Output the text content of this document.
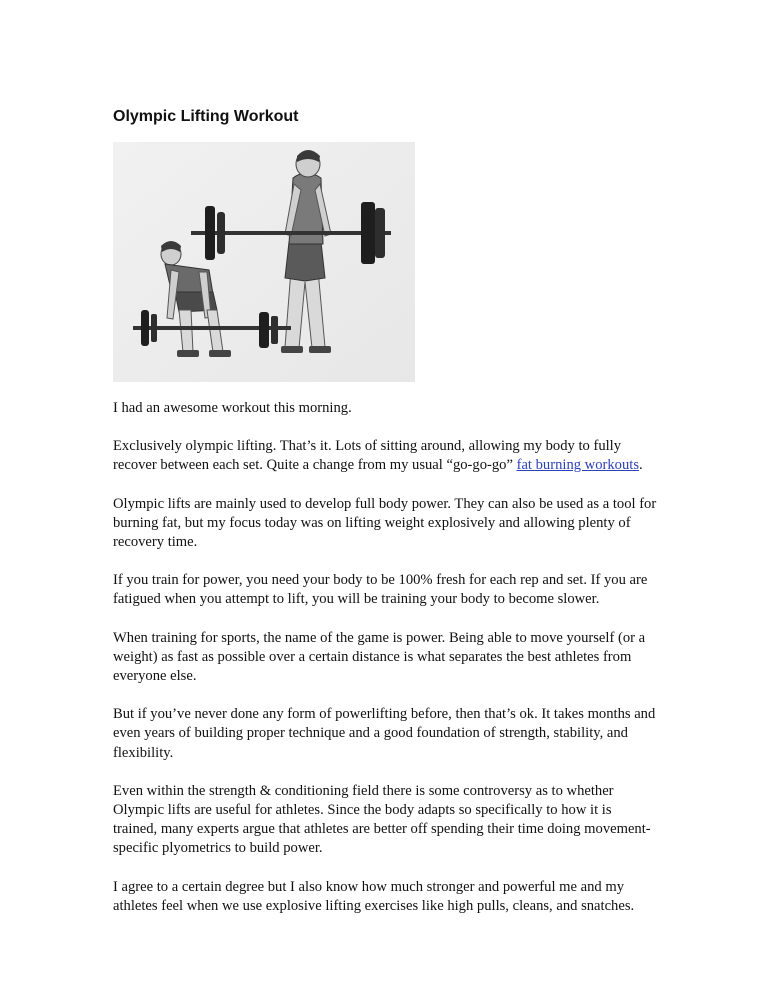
Olympic Lifting Workout

I had an awesome workout this morning.

Exclusively olympic lifting. That’s it. Lots of sitting around, allowing my body to fully recover between each set. Quite a change from my usual “go-go-go” fat burning workouts.

Olympic lifts are mainly used to develop full body power. They can also be used as a tool for burning fat, but my focus today was on lifting weight explosively and allowing plenty of recovery time.

If you train for power, you need your body to be 100% fresh for each rep and set. If you are fatigued when you attempt to lift, you will be training your body to become slower.

When training for sports, the name of the game is power. Being able to move yourself (or a weight) as fast as possible over a certain distance is what separates the best athletes from everyone else.

But if you’ve never done any form of powerlifting before, then that’s ok. It takes months and even years of building proper technique and a good foundation of strength, stability, and flexibility.

Even within the strength & conditioning field there is some controversy as to whether Olympic lifts are useful for athletes. Since the body adapts so specifically to how it is trained, many experts argue that athletes are better off spending their time doing movement-specific plyometrics to build power.

I agree to a certain degree but I also know how much stronger and powerful me and my athletes feel when we use explosive lifting exercises like high pulls, cleans, and snatches.
